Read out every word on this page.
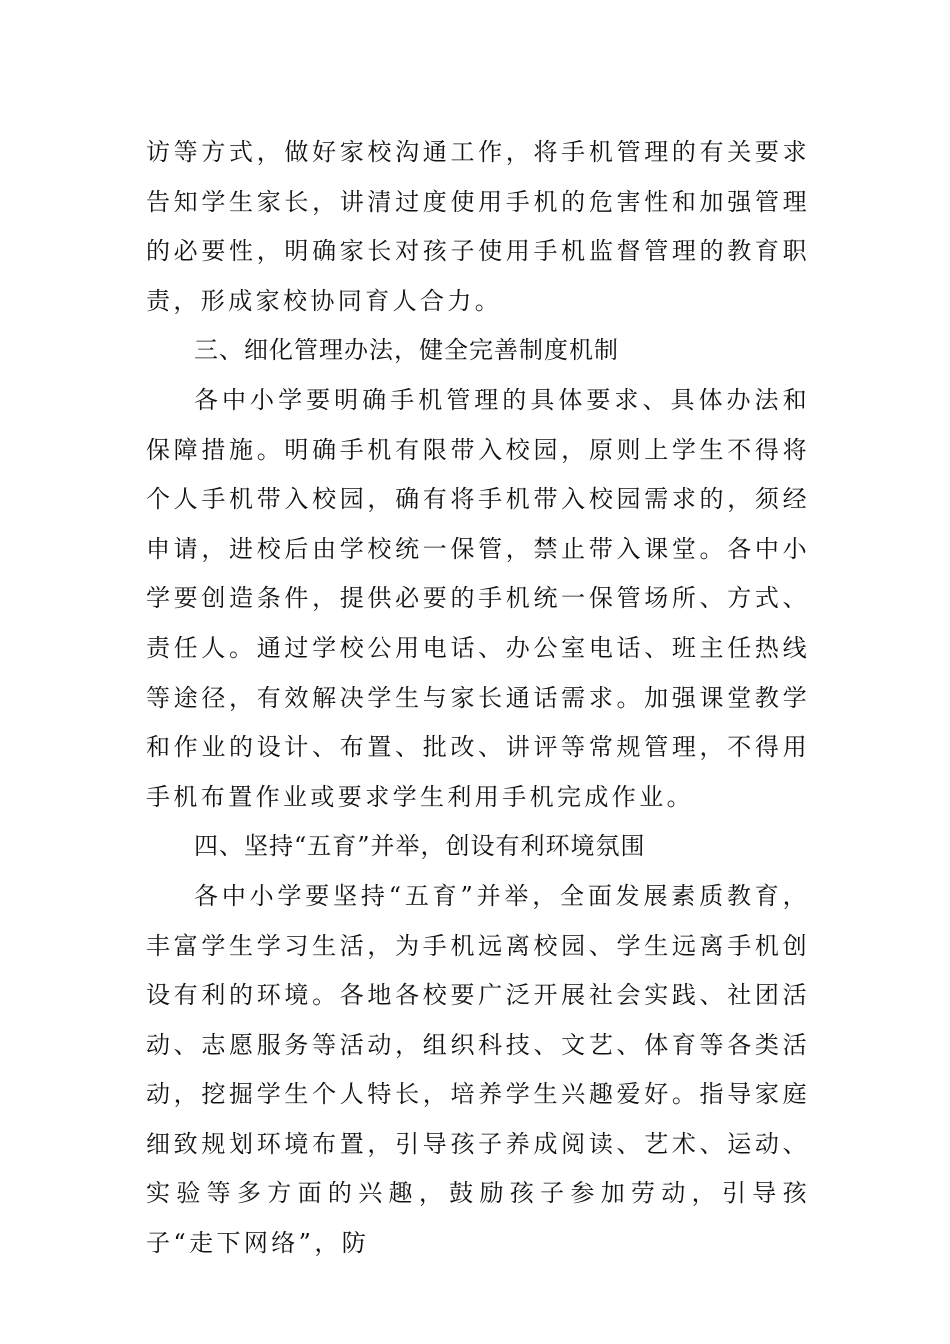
访等方式，做好家校沟通工作，将手机管理的有关要求告知学生家长，讲清过度使用手机的危害性和加强管理的必要性，明确家长对孩子使用手机监督管理的教育职责，形成家校协同育人合力。

三、细化管理办法，健全完善制度机制

各中小学要明确手机管理的具体要求、具体办法和保障措施。明确手机有限带入校园，原则上学生不得将个人手机带入校园，确有将手机带入校园需求的，须经申请，进校后由学校统一保管，禁止带入课堂。各中小学要创造条件，提供必要的手机统一保管场所、方式、责任人。通过学校公用电话、办公室电话、班主任热线等途径，有效解决学生与家长通话需求。加强课堂教学和作业的设计、布置、批改、讲评等常规管理，不得用手机布置作业或要求学生利用手机完成作业。

四、坚持“五育”并举，创设有利环境氛围

各中小学要坚持“五育”并举，全面发展素质教育，丰富学生学习生活，为手机远离校园、学生远离手机创设有利的环境。各地各校要广泛开展社会实践、社团活动、志愿服务等活动，组织科技、文艺、体育等各类活动，挖掘学生个人特长，培养学生兴趣爱好。指导家庭细致规划环境布置，引导孩子养成阅读、艺术、运动、实验等多方面的兴趣，鼓励孩子参加劳动，引导孩子“走下网络”，防
